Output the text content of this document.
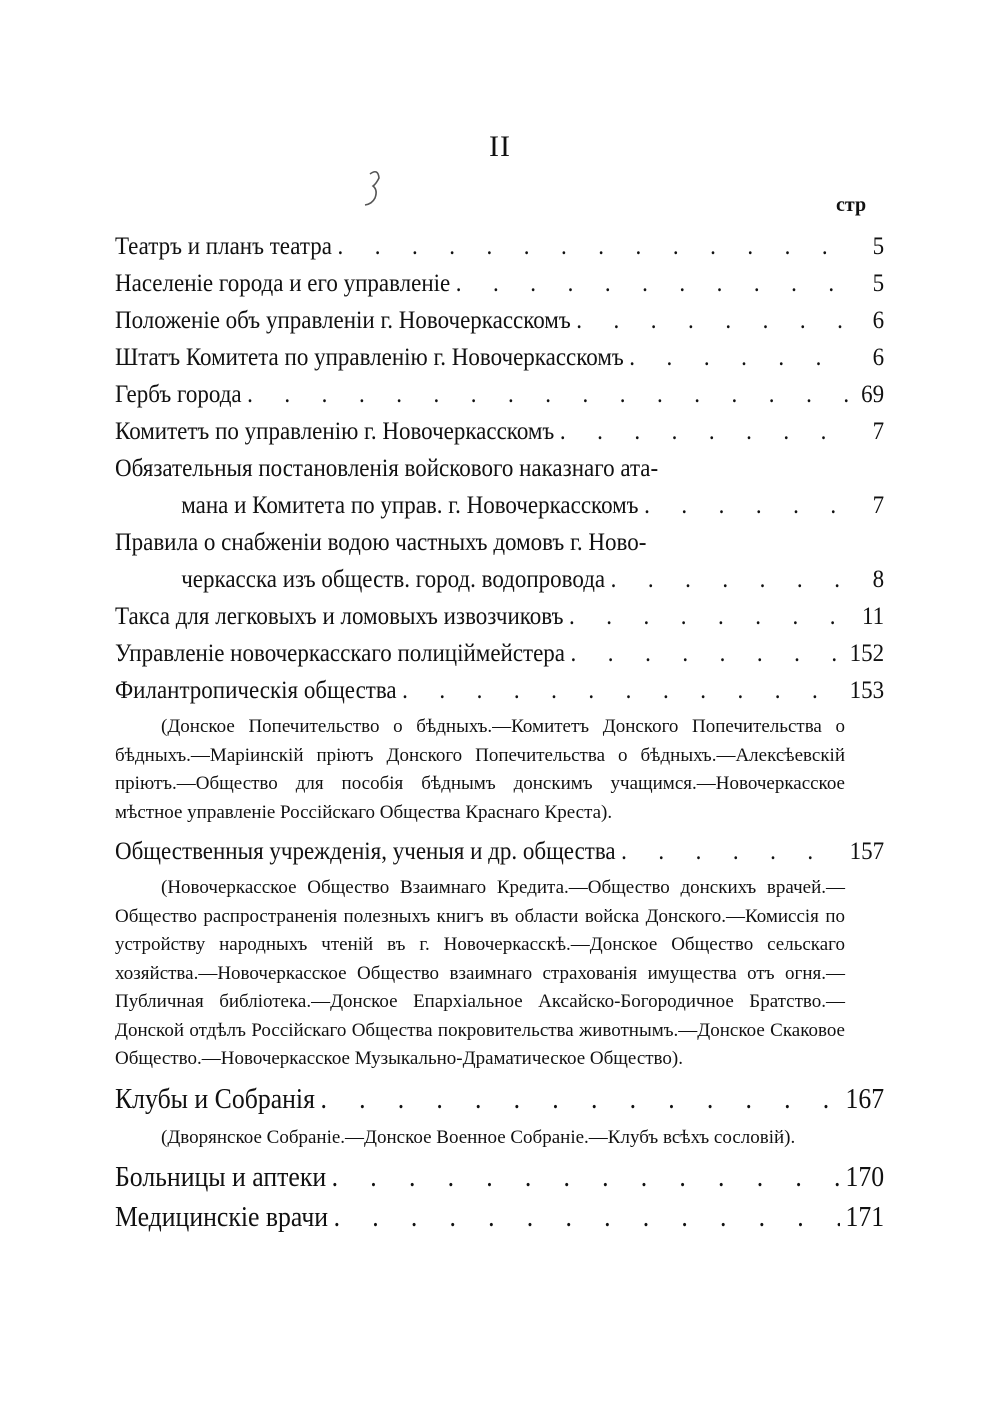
II
стр
Театръ и планъ театра . . .	5
Населеніе города и его управленіе . . .	5
Положеніе объ управленіи г. Новочеркасскомъ . . .	6
Штатъ Комитета по управленію г. Новочеркасскомъ . . .	6
Гербъ города . . .	69
Комитетъ по управленію г. Новочеркасскомъ . . .	7
Обязательныя постановленія войскового наказнаго ата-
мана и Комитета по управ. г. Новочеркасскомъ . . .	7
Правила о снабженіи водою частныхъ домовъ г. Ново-
черкасска изъ обществ. город. водопровода . . .	8
Такса для легковыхъ и ломовыхъ извозчиковъ . . .	11
Управленіе новочеркасскаго полиціймейстера . . .	152
Филантропическія общества . . .	153
(Донское Попечительство о бѣдныхъ.—Комитетъ Донского Попечительства о бѣдныхъ.—Маріинскій пріютъ Донского Попечительства о бѣдныхъ.—Алексѣевскій пріютъ.—Общество для пособія бѣднымъ донскимъ учащимся.—Новочеркасское мѣстное управленіе Россійскаго Общества Краснаго Креста).
Общественныя учрежденія, ученыя и др. общества . . .	157
(Новочеркасское Общество Взаимнаго Кредита.—Общество донскихъ врачей.—Общество распространенія полезныхъ книгъ въ области войска Донского.—Комиссія по устройству народныхъ чтеній въ г. Новочеркасскѣ.—Донское Общество сельскаго хозяйства.—Новочеркасское Общество взаимнаго страхованія имущества отъ огня.—Публичная библіотека.—Донское Епархіальное Аксайско-Богородичное Братство.—Донской отдѣлъ Россійскаго Общества покровительства животнымъ.—Донское Скаковое Общество.—Новочеркасское Музыкально-Драматическое Общество).
Клубы и Собранія . . .	167
(Дворянское Собраніе.—Донское Военное Собраніе.—Клубъ всѣхъ сословій).
Больницы и аптеки . . .	170
Медицинскіе врачи . . .	171
